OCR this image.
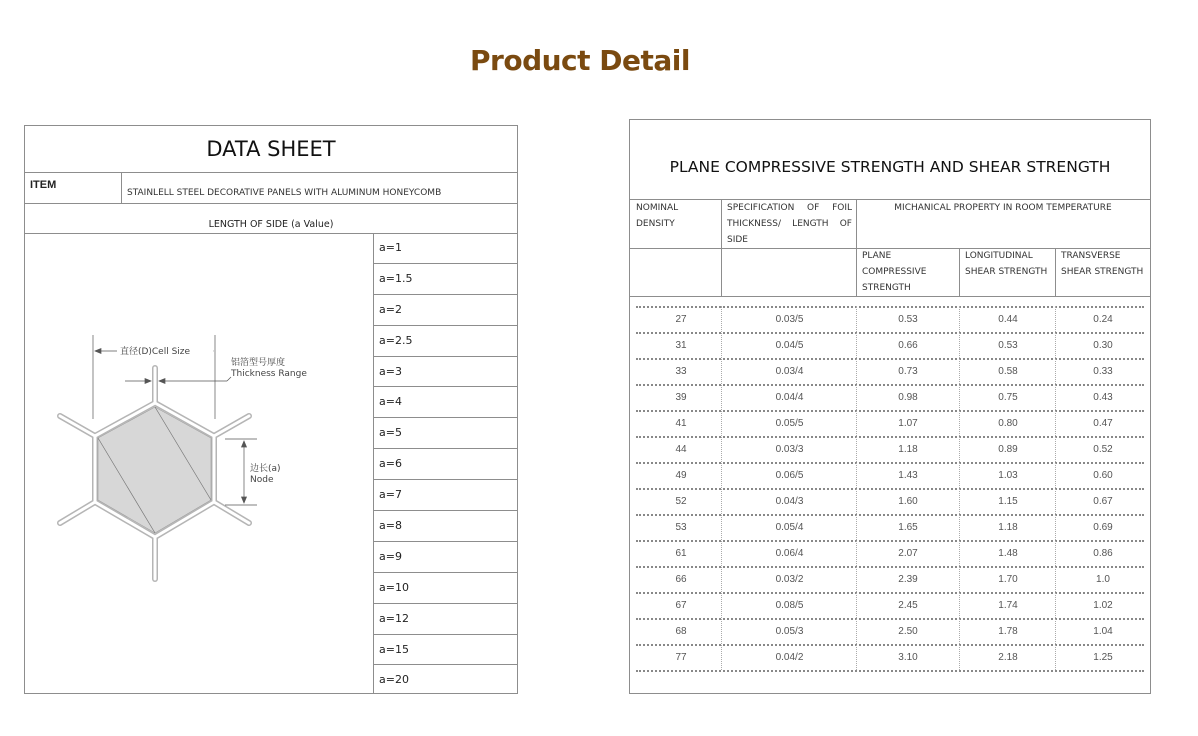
Product Detail
DATA SHEET
ITEM
STAINLELL STEEL DECORATIVE PANELS WITH ALUMINUM HONEYCOMB
LENGTH OF SIDE (a Value)
直径(D)Cell Size
铝箔型号厚度
Thickness Range
边长(a)
Node
a=1
a=1.5
a=2
a=2.5
a=3
a=4
a=5
a=6
a=7
a=8
a=9
a=10
a=12
a=15
a=20
PLANE COMPRESSIVE STRENGTH AND SHEAR STRENGTH
NOMINAL DENSITY
SPECIFICATION OF FOIL THICKNESS/ LENGTH OF SIDE
MICHANICAL PROPERTY IN ROOM TEMPERATURE
PLANE COMPRESSIVE STRENGTH
LONGITUDINAL SHEAR STRENGTH
TRANSVERSE SHEAR STRENGTH
27	0.03/5	0.53	0.44	0.24
31	0.04/5	0.66	0.53	0.30
33	0.03/4	0.73	0.58	0.33
39	0.04/4	0.98	0.75	0.43
41	0.05/5	1.07	0.80	0.47
44	0.03/3	1.18	0.89	0.52
49	0.06/5	1.43	1.03	0.60
52	0.04/3	1.60	1.15	0.67
53	0.05/4	1.65	1.18	0.69
61	0.06/4	2.07	1.48	0.86
66	0.03/2	2.39	1.70	1.0
67	0.08/5	2.45	1.74	1.02
68	0.05/3	2.50	1.78	1.04
77	0.04/2	3.10	2.18	1.25
